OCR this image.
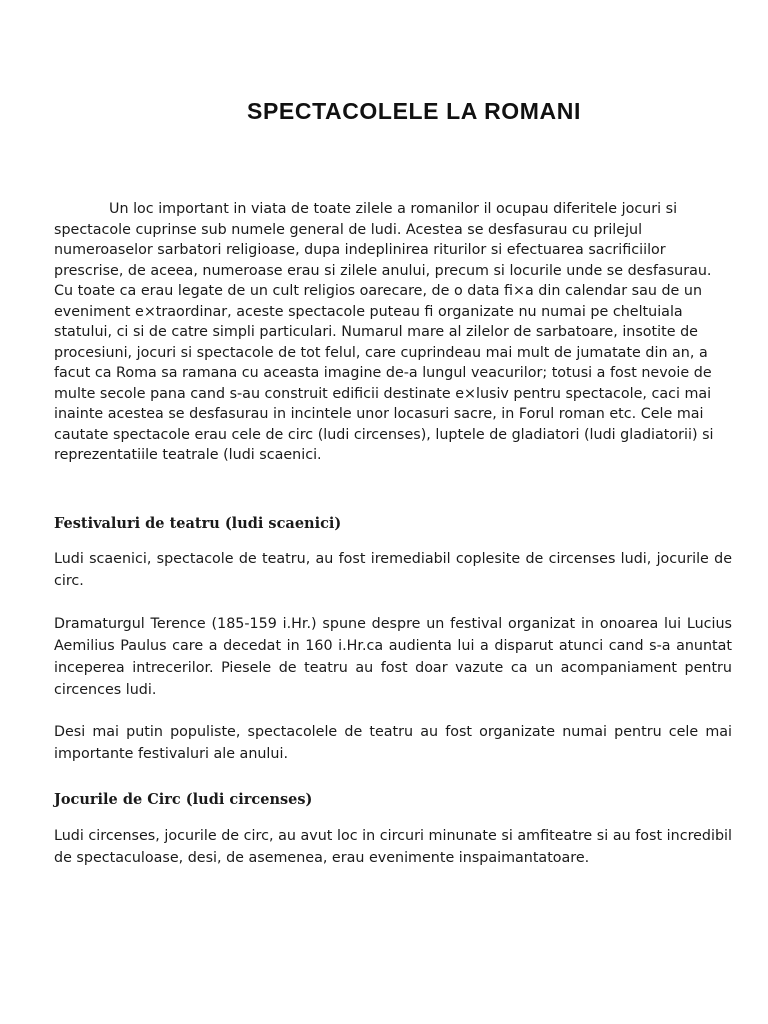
SPECTACOLELE LA ROMANI

Un loc important in viata de toate zilele a romanilor il ocupau diferitele jocuri si spectacole cuprinse sub numele general de ludi. Acestea se desfasurau cu prilejul numeroaselor sarbatori religioase, dupa indeplinirea riturilor si efectuarea sacrificiilor prescrise, de aceea, numeroase erau si zilele anului, precum si locurile unde se desfasurau. Cu toate ca erau legate de un cult religios oarecare, de o data fi×a din calendar sau de un eveniment e×traordinar, aceste spectacole puteau fi organizate nu numai pe cheltuiala statului, ci si de catre simpli particulari. Numarul mare al zilelor de sarbatoare, insotite de procesiuni, jocuri si spectacole de tot felul, care cuprindeau mai mult de jumatate din an, a facut ca Roma sa ramana cu aceasta imagine de-a lungul veacurilor; totusi a fost nevoie de multe secole pana cand s-au construit edificii destinate e×lusiv pentru spectacole, caci mai inainte acestea se desfasurau in incintele unor locasuri sacre, in Forul roman etc. Cele mai cautate spectacole erau cele de circ (ludi circenses), luptele de gladiatori (ludi gladiatorii) si reprezentatiile teatrale (ludi scaenici.

Festivaluri de teatru (ludi scaenici)

Ludi scaenici, spectacole de teatru, au fost iremediabil coplesite de circenses ludi, jocurile de circ.

Dramaturgul Terence (185-159 i.Hr.) spune despre un festival organizat in onoarea lui Lucius Aemilius Paulus care a decedat in 160 i.Hr.ca audienta lui a disparut atunci cand s-a anuntat inceperea intrecerilor. Piesele de teatru au fost doar vazute ca un acompaniament pentru circences ludi.

Desi mai putin populiste, spectacolele de teatru au fost organizate numai pentru cele mai importante festivaluri ale anului.

Jocurile de Circ (ludi circenses)

Ludi circenses, jocurile de circ, au avut loc in circuri minunate si amfiteatre si au fost incredibil de spectaculoase, desi, de asemenea, erau evenimente inspaimantatoare.
